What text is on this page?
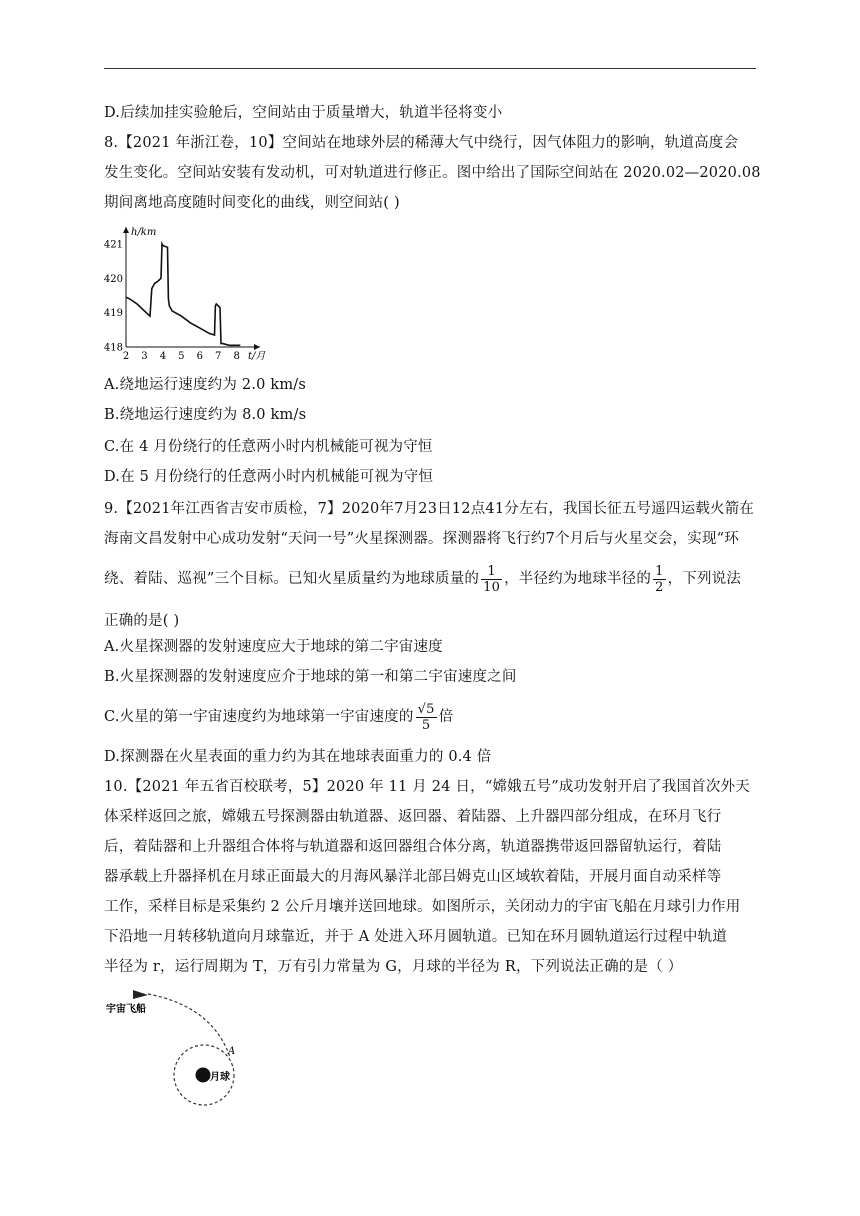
D.后续加挂实验舱后，空间站由于质量增大，轨道半径将变小
8.【2021 年浙江卷，10】空间站在地球外层的稀薄大气中绕行，因气体阻力的影响，轨道高度会
发生变化。空间站安装有发动机，可对轨道进行修正。图中给出了国际空间站在 2020.02—2020.08
期间离地高度随时间变化的曲线，则空间站( )
2 3 4 5 6 7 8
418
419
420
421
h/km
t/月
A.绕地运行速度约为 2.0 km/s
B.绕地运行速度约为 8.0 km/s
C.在 4 月份绕行的任意两小时内机械能可视为守恒
D.在 5 月份绕行的任意两小时内机械能可视为守恒
9.【2021年江西省吉安市质检，7】2020年7月23日12点41分左右，我国长征五号遥四运载火箭在
海南文昌发射中心成功发射“天问一号”火星探测器。探测器将飞行约7个月后与火星交会，实现“环
绕、着陆、巡视”三个目标。已知火星质量约为地球质量的 $\frac{1}{10}$ ，半径约为地球半径的 $\frac{1}{2}$ ，下列说法
正确的是( )
A.火星探测器的发射速度应大于地球的第二宇宙速度
B.火星探测器的发射速度应介于地球的第一和第二宇宙速度之间
C.火星的第一宇宙速度约为地球第一宇宙速度的 $\frac{√5}{5}$ 倍
D.探测器在火星表面的重力约为其在地球表面重力的 0.4 倍
10.【2021 年五省百校联考，5】2020 年 11 月 24 日，“嫦娥五号”成功发射开启了我国首次外天
体采样返回之旅，嫦娥五号探测器由轨道器、返回器、着陆器、上升器四部分组成，在环月飞行
后，着陆器和上升器组合体将与轨道器和返回器组合体分离，轨道器携带返回器留轨运行，着陆
器承载上升器择机在月球正面最大的月海风暴洋北部吕姆克山区域软着陆，开展月面自动采样等
工作，采样目标是采集约 2 公斤月壤并送回地球。如图所示，关闭动力的宇宙飞船在月球引力作用
下沿地一月转移轨道向月球靠近，并于 A 处进入环月圆轨道。已知在环月圆轨道运行过程中轨道
半径为 r，运行周期为 T，万有引力常量为 G，月球的半径为 R，下列说法正确的是（ ）
宇宙飞船
月球
A
